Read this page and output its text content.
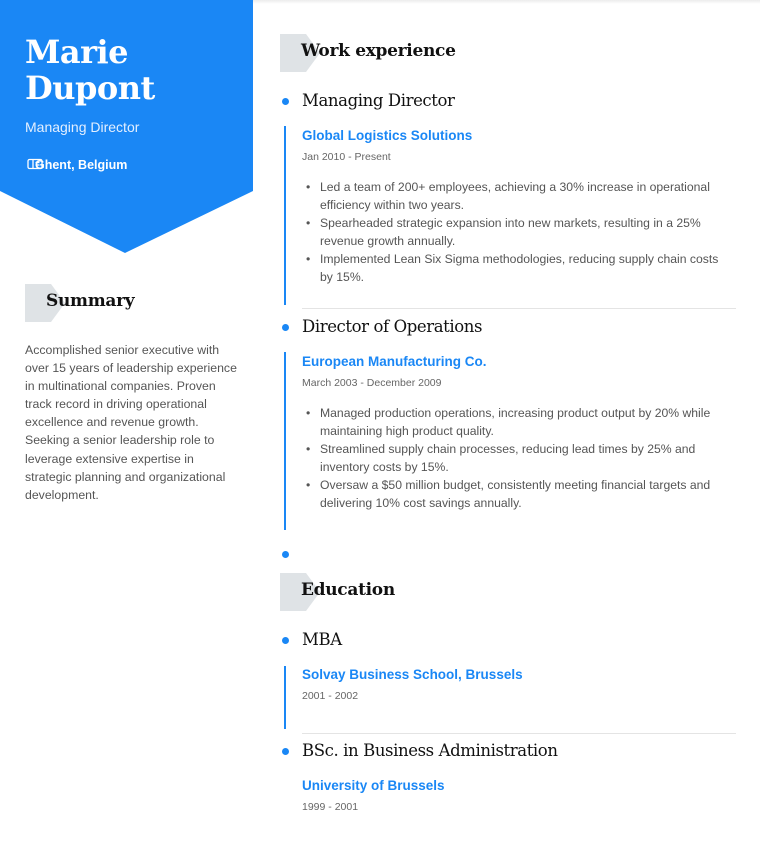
Marie
Dupont
Managing Director
Ghent, Belgium
Summary

Accomplished senior executive with over 15 years of leadership experience in multinational companies. Proven track record in driving operational excellence and revenue growth. Seeking a senior leadership role to leverage extensive expertise in strategic planning and organizational development.

Work experience
Managing Director
Global Logistics Solutions
Jan 2010 - Present
• Led a team of 200+ employees, achieving a 30% increase in operational efficiency within two years.
• Spearheaded strategic expansion into new markets, resulting in a 25% revenue growth annually.
• Implemented Lean Six Sigma methodologies, reducing supply chain costs by 15%.
Director of Operations
European Manufacturing Co.
March 2003 - December 2009
• Managed production operations, increasing product output by 20% while maintaining high product quality.
• Streamlined supply chain processes, reducing lead times by 25% and inventory costs by 15%.
• Oversaw a $50 million budget, consistently meeting financial targets and delivering 10% cost savings annually.
Education
MBA
Solvay Business School, Brussels
2001 - 2002
BSc. in Business Administration
University of Brussels
1999 - 2001
